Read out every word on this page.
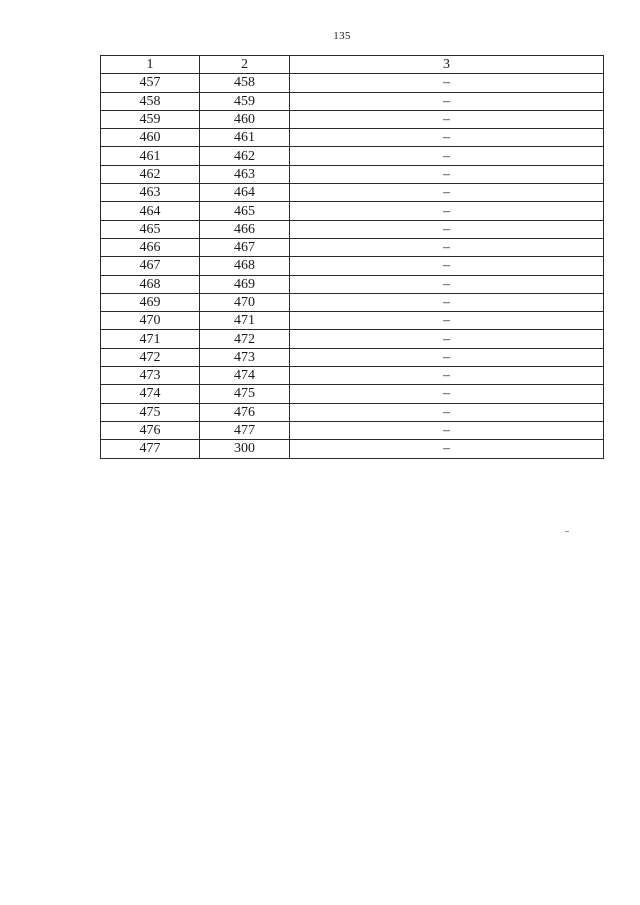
135
1	2	3
457	458	–
458	459	–
459	460	–
460	461	–
461	462	–
462	463	–
463	464	–
464	465	–
465	466	–
466	467	–
467	468	–
468	469	–
469	470	–
470	471	–
471	472	–
472	473	–
473	474	–
474	475	–
475	476	–
476	477	–
477	300	–
